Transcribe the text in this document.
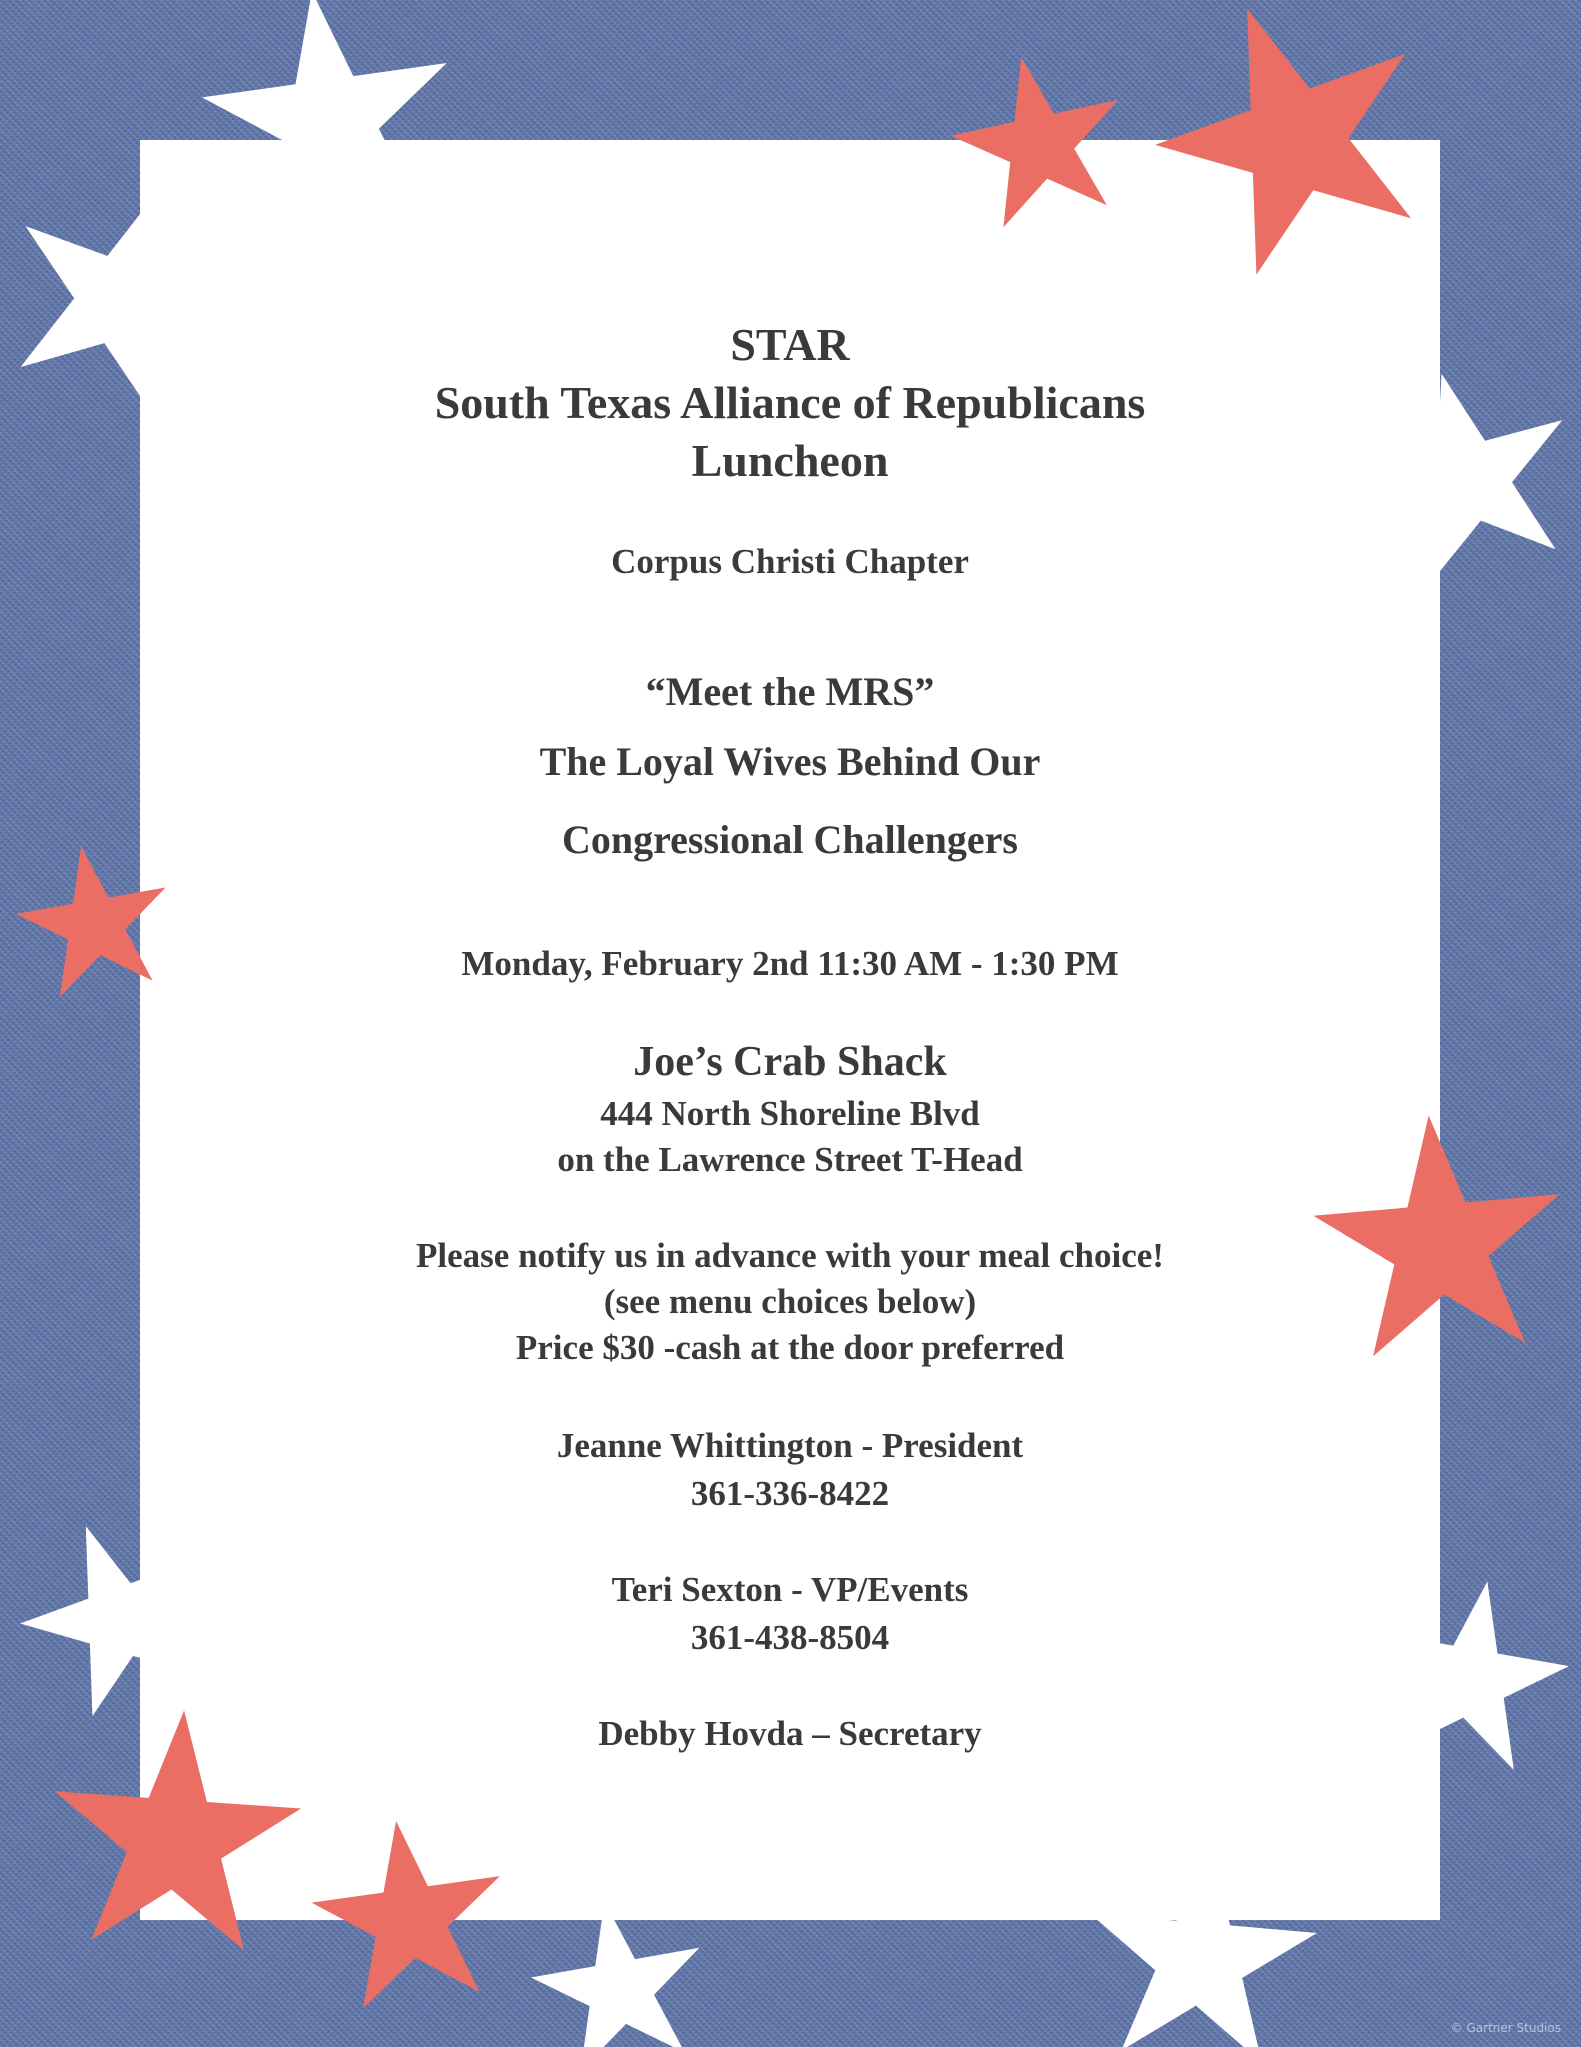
STAR
South Texas Alliance of Republicans
Luncheon
Corpus Christi Chapter
“Meet the MRS”
The Loyal Wives Behind Our
Congressional Challengers
Monday, February 2nd 11:30 AM - 1:30 PM
Joe’s Crab Shack
444 North Shoreline Blvd
on the Lawrence Street T-Head
Please notify us in advance with your meal choice!
(see menu choices below)
Price $30 -cash at the door preferred
Jeanne Whittington - President
361-336-8422
Teri Sexton - VP/Events
361-438-8504
Debby Hovda – Secretary
© Gartner Studios
